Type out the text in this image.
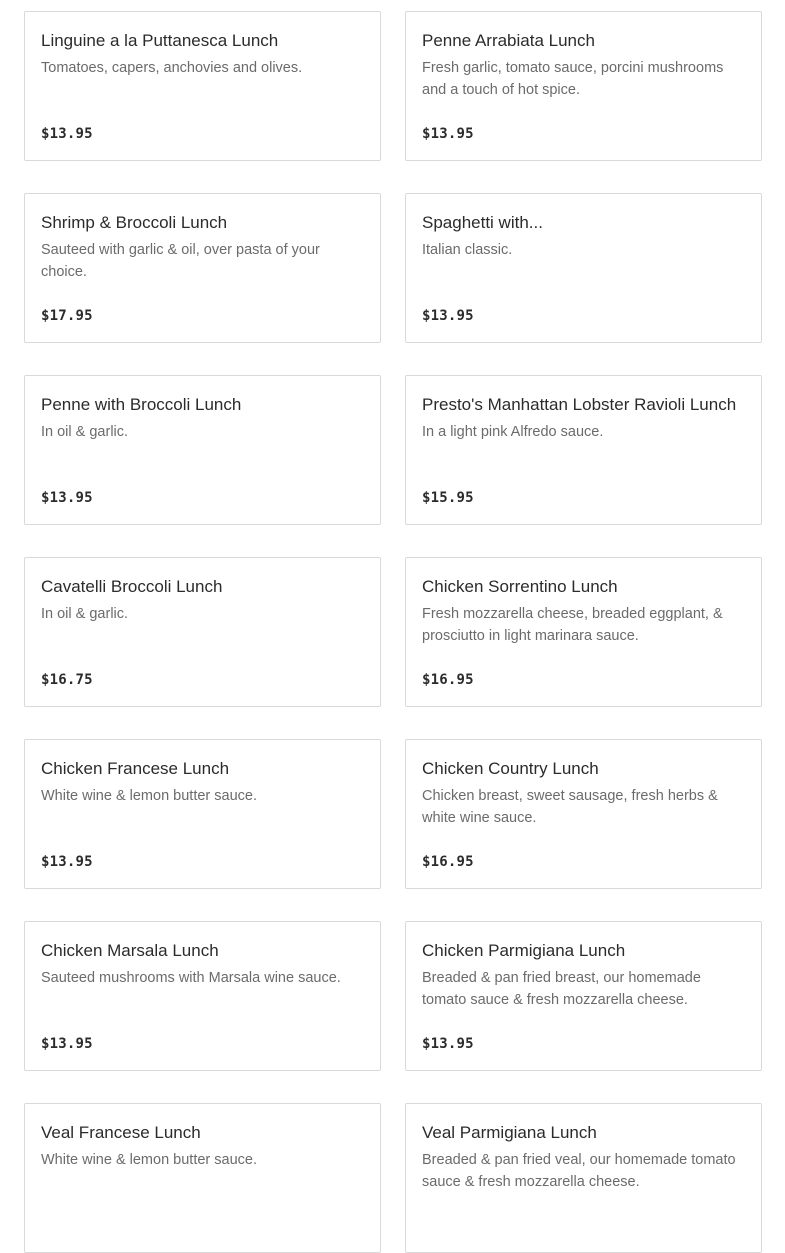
Linguine a la Puttanesca Lunch
Tomatoes, capers, anchovies and olives.
$13.95
Penne Arrabiata Lunch
Fresh garlic, tomato sauce, porcini mushrooms and a touch of hot spice.
$13.95
Shrimp & Broccoli Lunch
Sauteed with garlic & oil, over pasta of your choice.
$17.95
Spaghetti with...
Italian classic.
$13.95
Penne with Broccoli Lunch
In oil & garlic.
$13.95
Presto's Manhattan Lobster Ravioli Lunch
In a light pink Alfredo sauce.
$15.95
Cavatelli Broccoli Lunch
In oil & garlic.
$16.75
Chicken Sorrentino Lunch
Fresh mozzarella cheese, breaded eggplant, & prosciutto in light marinara sauce.
$16.95
Chicken Francese Lunch
White wine & lemon butter sauce.
$13.95
Chicken Country Lunch
Chicken breast, sweet sausage, fresh herbs & white wine sauce.
$16.95
Chicken Marsala Lunch
Sauteed mushrooms with Marsala wine sauce.
$13.95
Chicken Parmigiana Lunch
Breaded & pan fried breast, our homemade tomato sauce & fresh mozzarella cheese.
$13.95
Veal Francese Lunch
White wine & lemon butter sauce.
Veal Parmigiana Lunch
Breaded & pan fried veal, our homemade tomato sauce & fresh mozzarella cheese.
